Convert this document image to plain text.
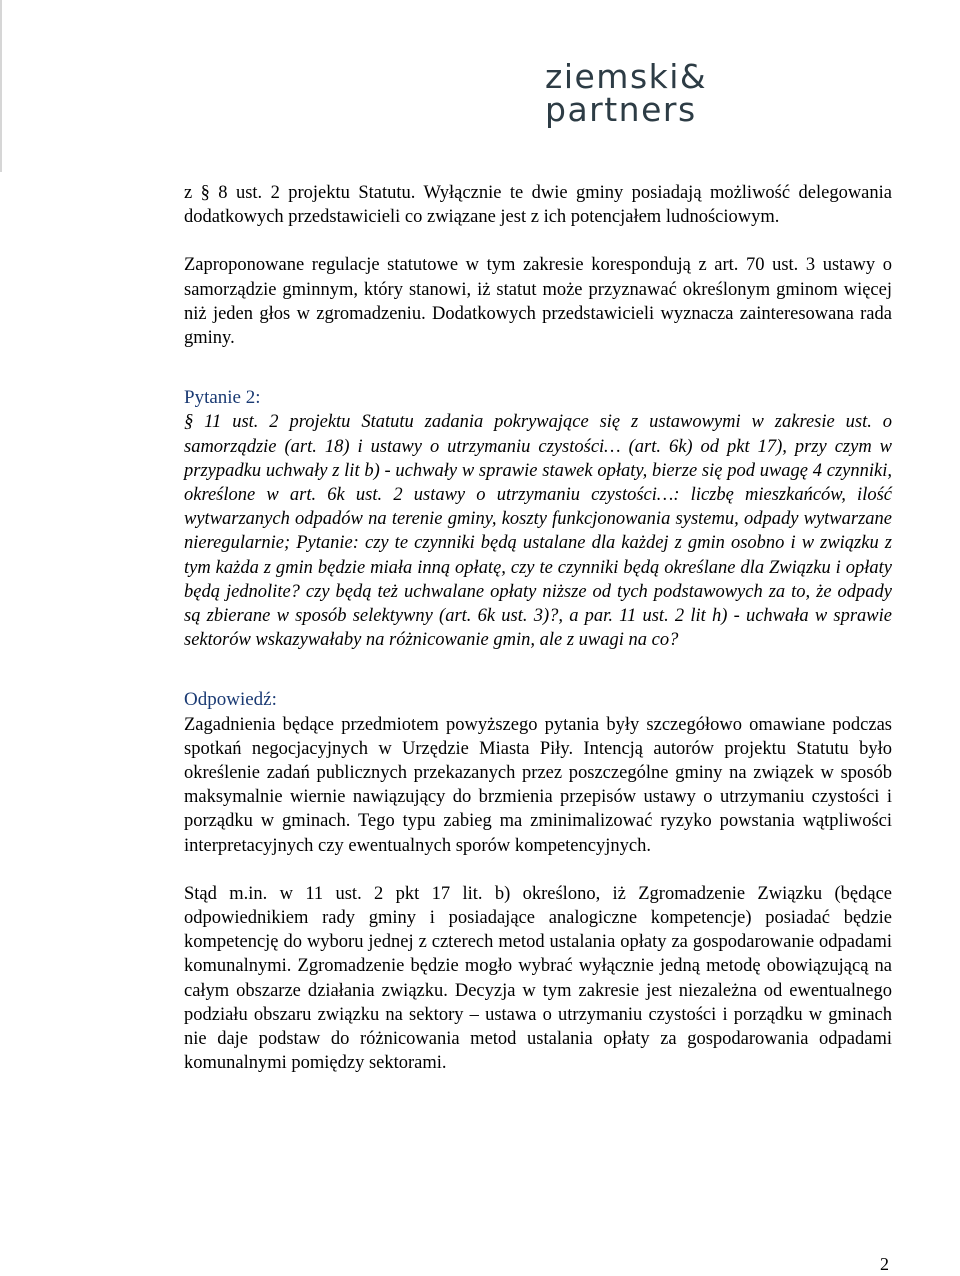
ziemski&
partners

z § 8 ust. 2 projektu Statutu. Wyłącznie te dwie gminy posiadają możliwość delegowania dodatkowych przedstawicieli co związane jest z ich potencjałem ludnościowym.

Zaproponowane regulacje statutowe w tym zakresie korespondują z art. 70 ust. 3 ustawy o samorządzie gminnym, który stanowi, iż statut może przyznawać określonym gminom więcej niż jeden głos w zgromadzeniu. Dodatkowych przedstawicieli wyznacza zainteresowana rada gminy.

Pytanie 2:

§ 11 ust. 2 projektu Statutu zadania pokrywające się z ustawowymi w zakresie ust. o samorządzie (art. 18) i ustawy o utrzymaniu czystości… (art. 6k) od pkt 17), przy czym w przypadku uchwały z lit b) - uchwały w sprawie stawek opłaty, bierze się pod uwagę 4 czynniki, określone w art. 6k ust. 2 ustawy o utrzymaniu czystości…: liczbę mieszkańców, ilość wytwarzanych odpadów na terenie gminy, koszty funkcjonowania systemu, odpady wytwarzane nieregularnie; Pytanie: czy te czynniki będą ustalane dla każdej z gmin osobno i w związku z tym każda z gmin będzie miała inną opłatę, czy te czynniki będą określane dla Związku i opłaty będą jednolite? czy będą też uchwalane opłaty niższe od tych podstawowych za to, że odpady są zbierane w sposób selektywny (art. 6k ust. 3)?, a par. 11 ust. 2 lit h) - uchwała w sprawie sektorów wskazywałaby na różnicowanie gmin, ale z uwagi na co?

Odpowiedź:

Zagadnienia będące przedmiotem powyższego pytania były szczegółowo omawiane podczas spotkań negocjacyjnych w Urzędzie Miasta Piły. Intencją autorów projektu Statutu było określenie zadań publicznych przekazanych przez poszczególne gminy na związek w sposób maksymalnie wiernie nawiązujący do brzmienia przepisów ustawy o utrzymaniu czystości i porządku w gminach. Tego typu zabieg ma zminimalizować ryzyko powstania wątpliwości interpretacyjnych czy ewentualnych sporów kompetencyjnych.

Stąd m.in. w 11 ust. 2 pkt 17 lit. b) określono, iż Zgromadzenie Związku (będące odpowiednikiem rady gminy i posiadające analogiczne kompetencje) posiadać będzie kompetencję do wyboru jednej z czterech metod ustalania opłaty za gospodarowanie odpadami komunalnymi. Zgromadzenie będzie mogło wybrać wyłącznie jedną metodę obowiązującą na całym obszarze działania związku. Decyzja w tym zakresie jest niezależna od ewentualnego podziału obszaru związku na sektory – ustawa o utrzymaniu czystości i porządku w gminach nie daje podstaw do różnicowania metod ustalania opłaty za gospodarowania odpadami komunalnymi pomiędzy sektorami.

2
